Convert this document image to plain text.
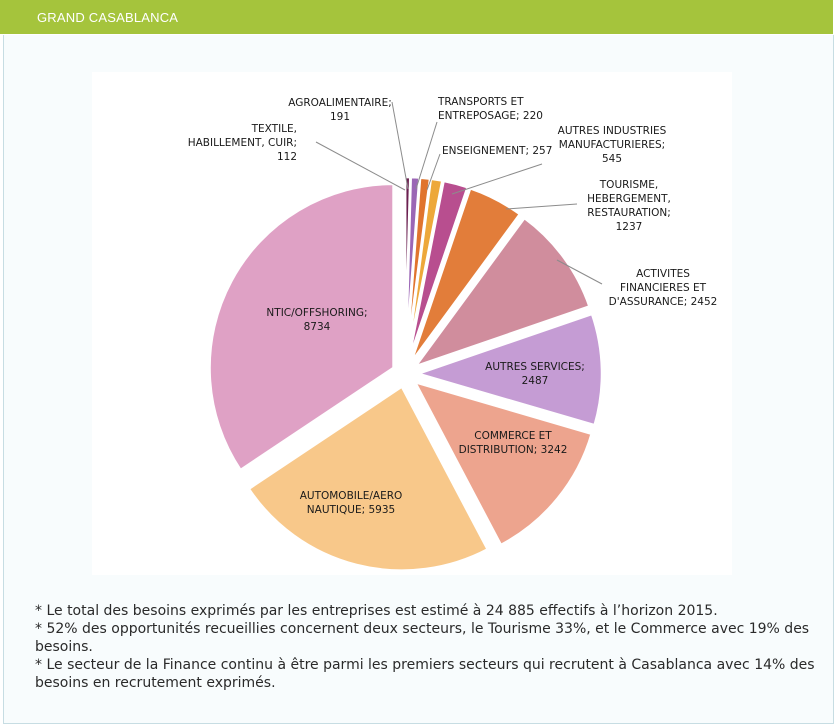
GRAND CASABLANCA
TEXTILE, HABILLEMENT, CUIR; 112
AGROALIMENTAIRE; 191
TRANSPORTS ET ENTREPOSAGE; 220
ENSEIGNEMENT; 257
AUTRES INDUSTRIES MANUFACTURIERES; 545
TOURISME, HEBERGEMENT, RESTAURATION; 1237
ACTIVITES FINANCIERES ET D'ASSURANCE; 2452
AUTRES SERVICES; 2487
COMMERCE ET DISTRIBUTION; 3242
AUTOMOBILE/AERO NAUTIQUE; 5935
NTIC/OFFSHORING; 8734

* Le total des besoins exprimés par les entreprises est estimé à 24 885 effectifs à l’horizon 2015.

* 52% des opportunités recueillies concernent deux secteurs, le Tourisme 33%, et le Commerce avec 19% des besoins.

* Le secteur de la Finance continu à être parmi les premiers secteurs qui recrutent à Casablanca avec 14% des besoins en recrutement exprimés.
